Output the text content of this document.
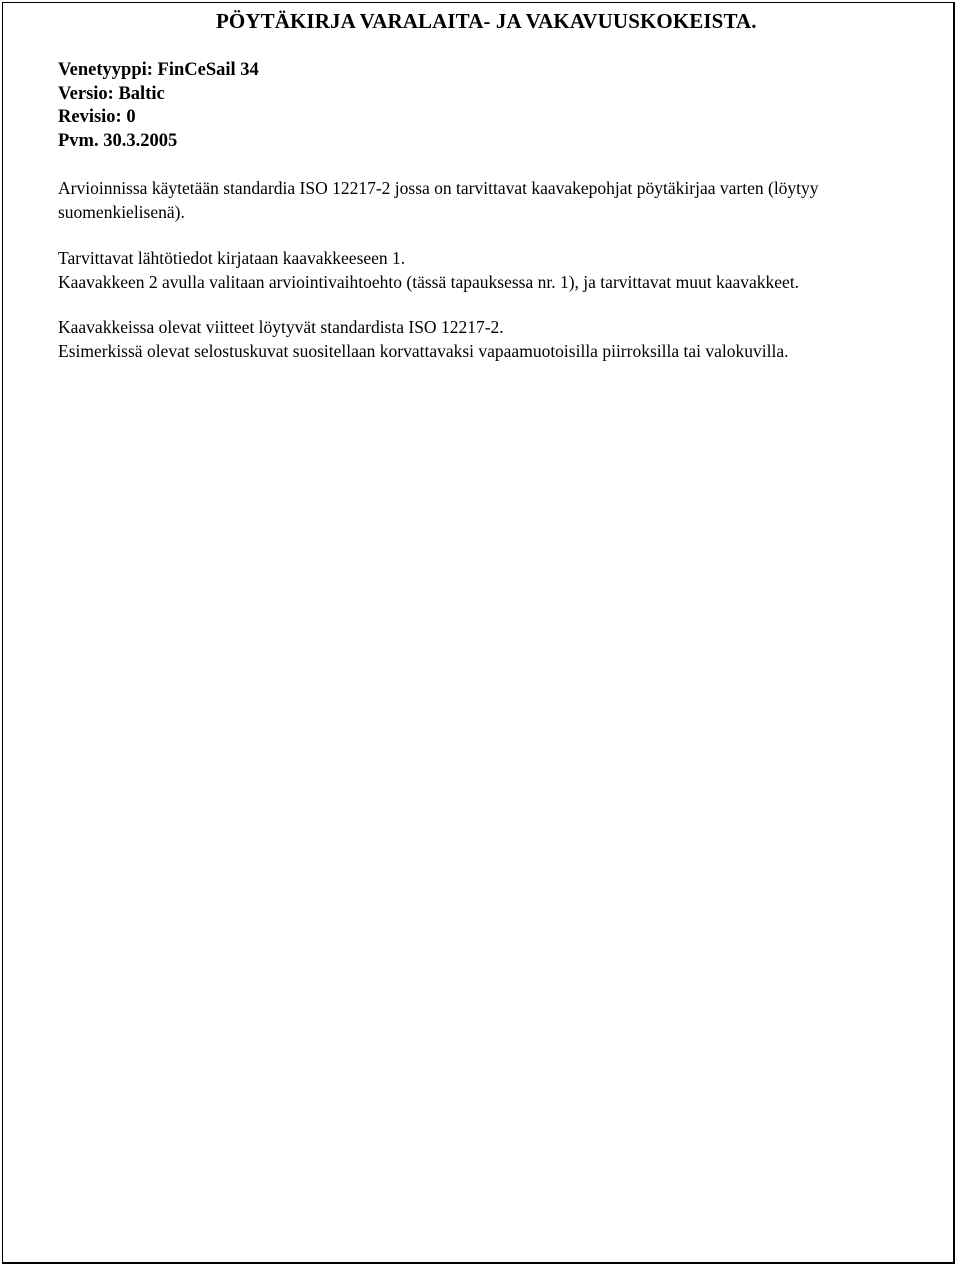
PÖYTÄKIRJA VARALAITA- JA VAKAVUUSKOKEISTA.
Venetyyppi: FinCeSail 34
Versio: Baltic
Revisio: 0
Pvm. 30.3.2005

Arvioinnissa käytetään standardia ISO 12217-2 jossa on tarvittavat kaavakepohjat pöytäkirjaa varten (löytyy suomenkielisenä).

Tarvittavat lähtötiedot kirjataan kaavakkeeseen 1.

Kaavakkeen 2 avulla valitaan arviointivaihtoehto (tässä tapauksessa nr. 1), ja tarvittavat muut kaavakkeet.

Kaavakkeissa olevat viitteet löytyvät standardista ISO 12217-2.

Esimerkissä olevat selostuskuvat suositellaan korvattavaksi vapaamuotoisilla piirroksilla tai valokuvilla.
